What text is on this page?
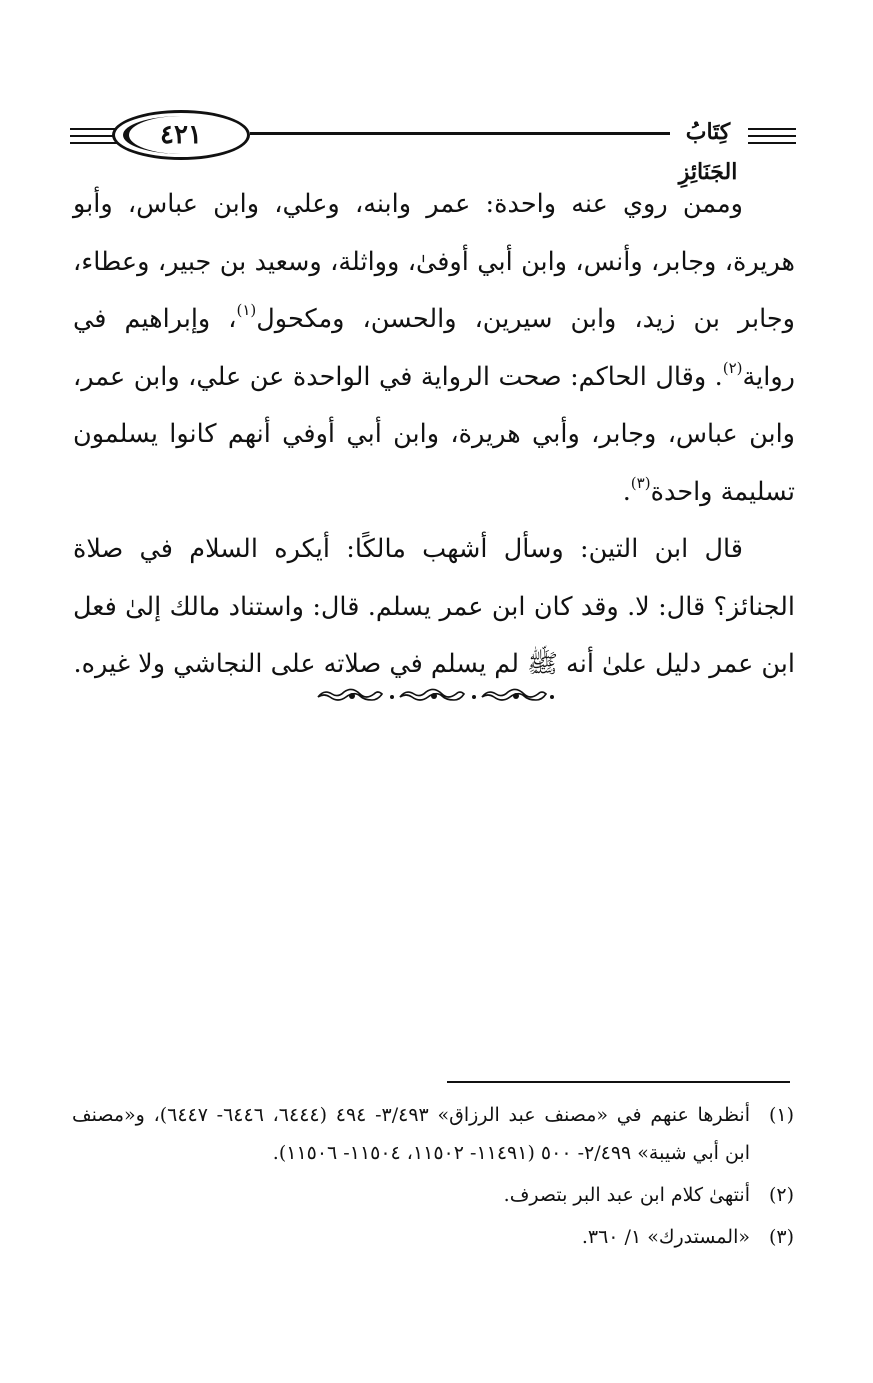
٤٢١	كِتَابُ الجَنَائِزِ

وممن روي عنه واحدة: عمر وابنه، وعلي، وابن عباس، وأبو هريرة، وجابر، وأنس، وابن أبي أوفىٰ، وواثلة، وسعيد بن جبير، وعطاء، وجابر بن زيد، وابن سيرين، والحسن، ومكحول$^{(١)}$، وإبراهيم في رواية$^{(٢)}$. وقال الحاكم: صحت الرواية في الواحدة عن علي، وابن عمر، وابن عباس، وجابر، وأبي هريرة، وابن أبي أوفي أنهم كانوا يسلمون تسليمة واحدة$^{(٣)}$.

قال ابن التين: وسأل أشهب مالكًا: أيكره السلام في صلاة الجنائز؟ قال: لا. وقد كان ابن عمر يسلم. قال: واستناد مالك إلىٰ فعل ابن عمر دليل علىٰ أنه ﷺ لم يسلم في صلاته على النجاشي ولا غيره.

(١)
أنظرها عنهم في «مصنف عبد الرزاق» ٣/٤٩٣- ٤٩٤ (٦٤٤٤، ٦٤٤٦- ٦٤٤٧)، و«مصنف ابن أبي شيبة» ٢/٤٩٩- ٥٠٠ (١١٤٩١- ١١٥٠٢، ١١٥٠٤- ١١٥٠٦).
(٢)
أنتهىٰ كلام ابن عبد البر بتصرف.
(٣)
«المستدرك» ١/ ٣٦٠.
